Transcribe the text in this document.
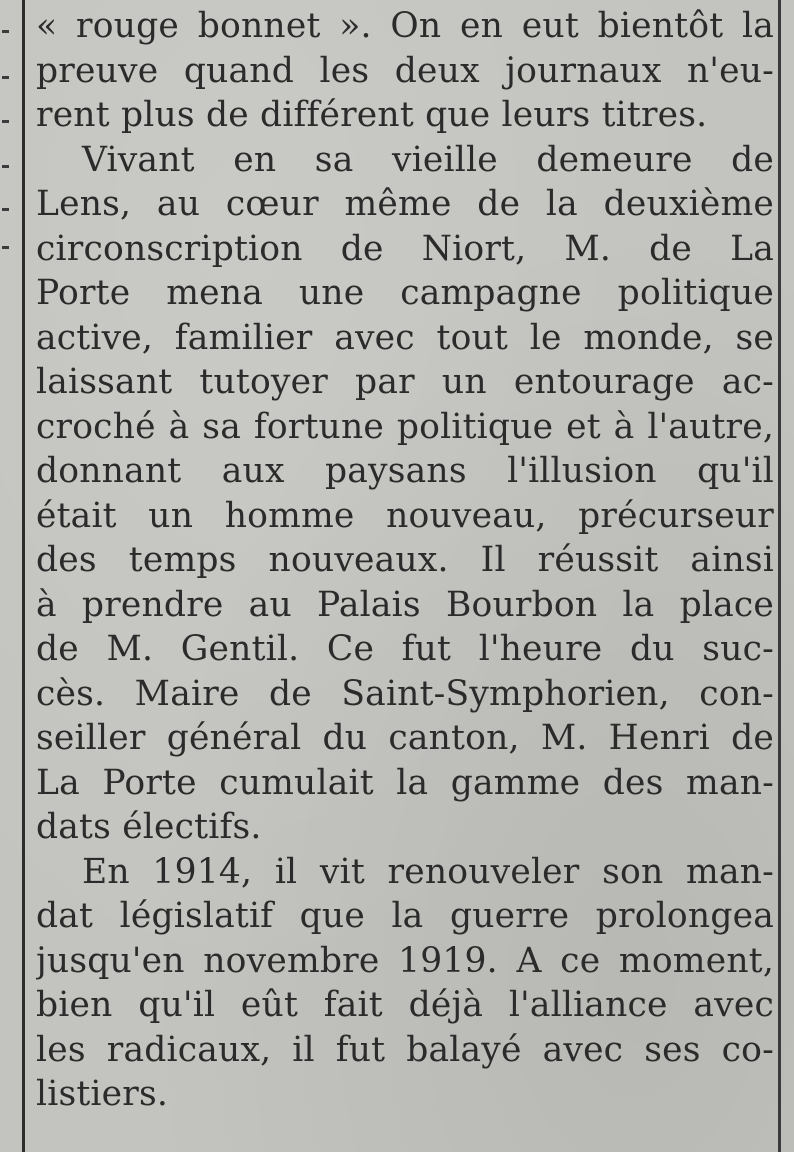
« rouge bonnet ». On en eut bientôt la
preuve quand les deux journaux n'eu-
rent plus de différent que leurs titres.
Vivant en sa vieille demeure de
Lens, au cœur même de la deuxième
circonscription de Niort, M. de La
Porte mena une campagne politique
active, familier avec tout le monde, se
laissant tutoyer par un entourage ac-
croché à sa fortune politique et à l'autre,
donnant aux paysans l'illusion qu'il
était un homme nouveau, précurseur
des temps nouveaux. Il réussit ainsi
à prendre au Palais Bourbon la place
de M. Gentil. Ce fut l'heure du suc-
cès. Maire de Saint-Symphorien, con-
seiller général du canton, M. Henri de
La Porte cumulait la gamme des man-
dats électifs.
En 1914, il vit renouveler son man-
dat législatif que la guerre prolongea
jusqu'en novembre 1919. A ce moment,
bien qu'il eût fait déjà l'alliance avec
les radicaux, il fut balayé avec ses co-
listiers.
